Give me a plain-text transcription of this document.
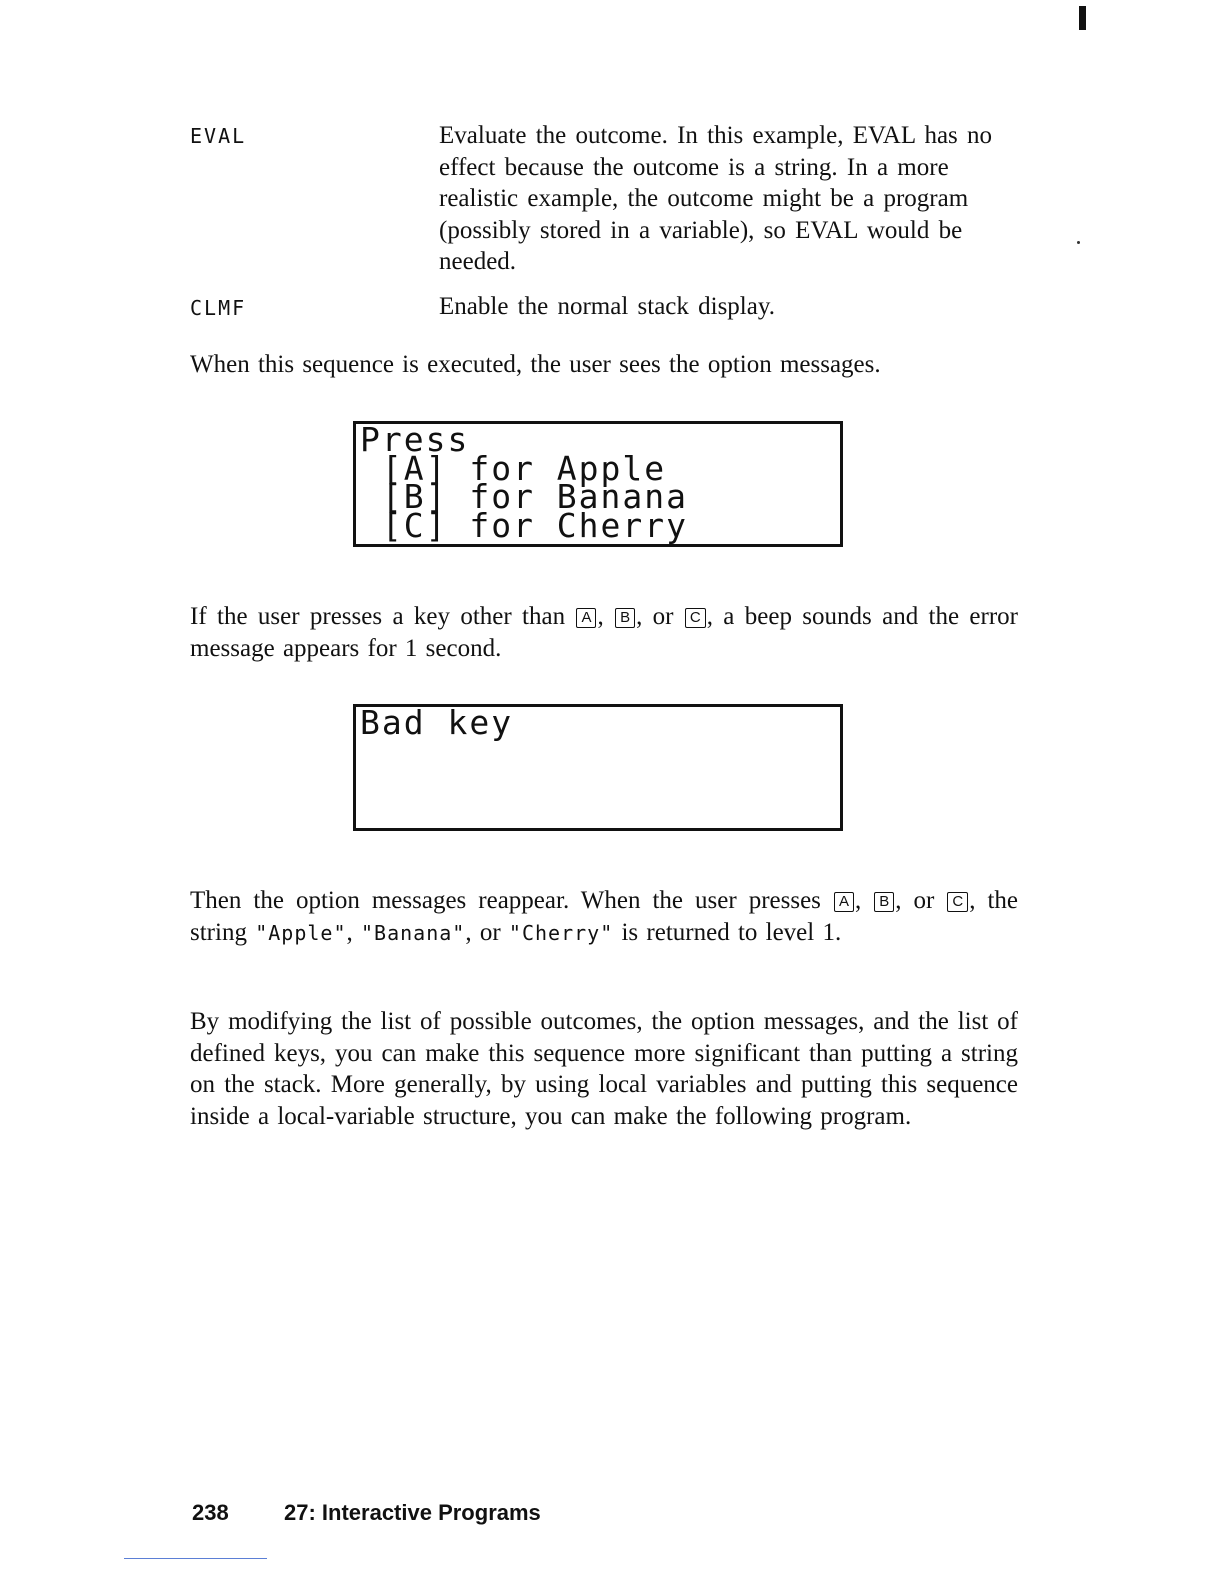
EVAL	Evaluate the outcome. In this example, EVAL has no effect because the outcome is a string. In a more realistic example, the outcome might be a program (possibly stored in a variable), so EVAL would be needed.
CLMF	Enable the normal stack display.
When this sequence is executed, the user sees the option messages.
Press
[A] for Apple
[B] for Banana
[C] for Cherry
If the user presses a key other than A , B , or C , a beep sounds and the error message appears for 1 second.
Bad key
Then the option messages reappear. When the user presses A , B , or C , the string "Apple", "Banana", or "Cherry" is returned to level 1.
By modifying the list of possible outcomes, the option messages, and the list of defined keys, you can make this sequence more significant than putting a string on the stack. More generally, by using local variables and putting this sequence inside a local-variable structure, you can make the following program.
238	27: Interactive Programs
